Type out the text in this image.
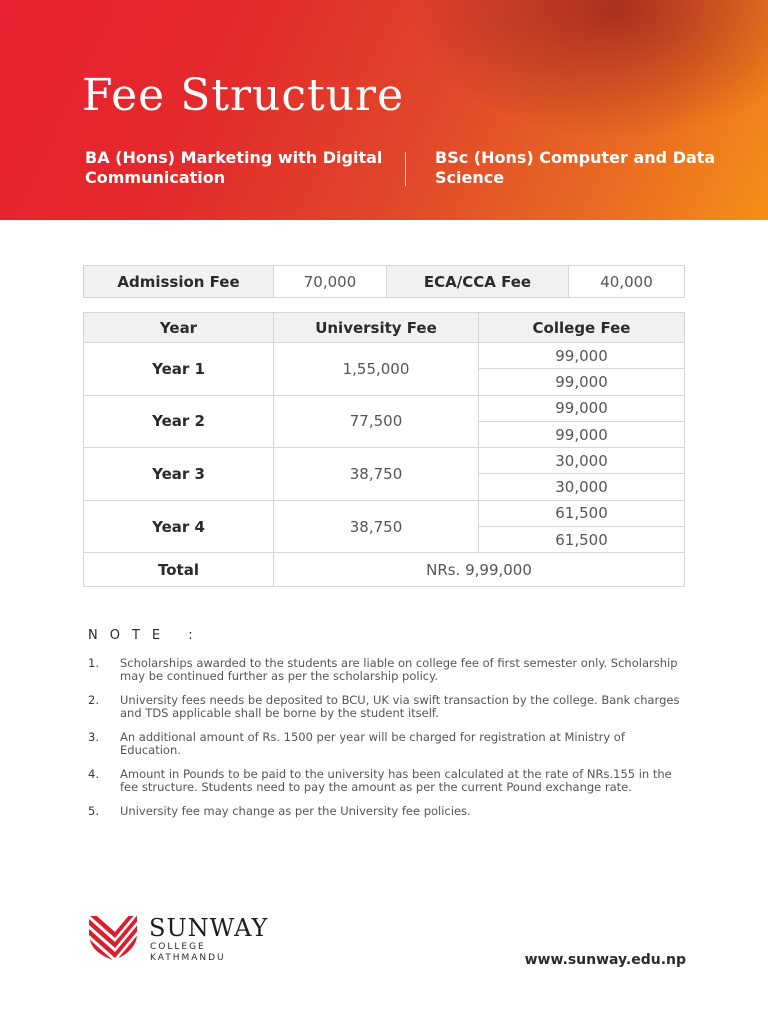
Fee Structure
BA (Hons) Marketing with Digital Communication
BSc (Hons) Computer and Data Science
Admission Fee	70,000	ECA/CCA Fee	40,000
Year	University Fee	College Fee
Year 1	1,55,000	99,000
		99,000
Year 2	77,500	99,000
		99,000
Year 3	38,750	30,000
		30,000
Year 4	38,750	61,500
		61,500
Total	NRs. 9,99,000	
NOTE :
1.	Scholarships awarded to the students are liable on college fee of first semester only. Scholarship may be continued further as per the scholarship policy.
2.	University fees needs be deposited to BCU, UK via swift transaction by the college. Bank charges and TDS applicable shall be borne by the student itself.
3.	An additional amount of Rs. 1500 per year will be charged for registration at Ministry of Education.
4.	Amount in Pounds to be paid to the university has been calculated at the rate of NRs.155 in the fee structure. Students need to pay the amount as per the current Pound exchange rate.
5.	University fee may change as per the University fee policies.
SUNWAY
COLLEGE
KATHMANDU	www.sunway.edu.np
